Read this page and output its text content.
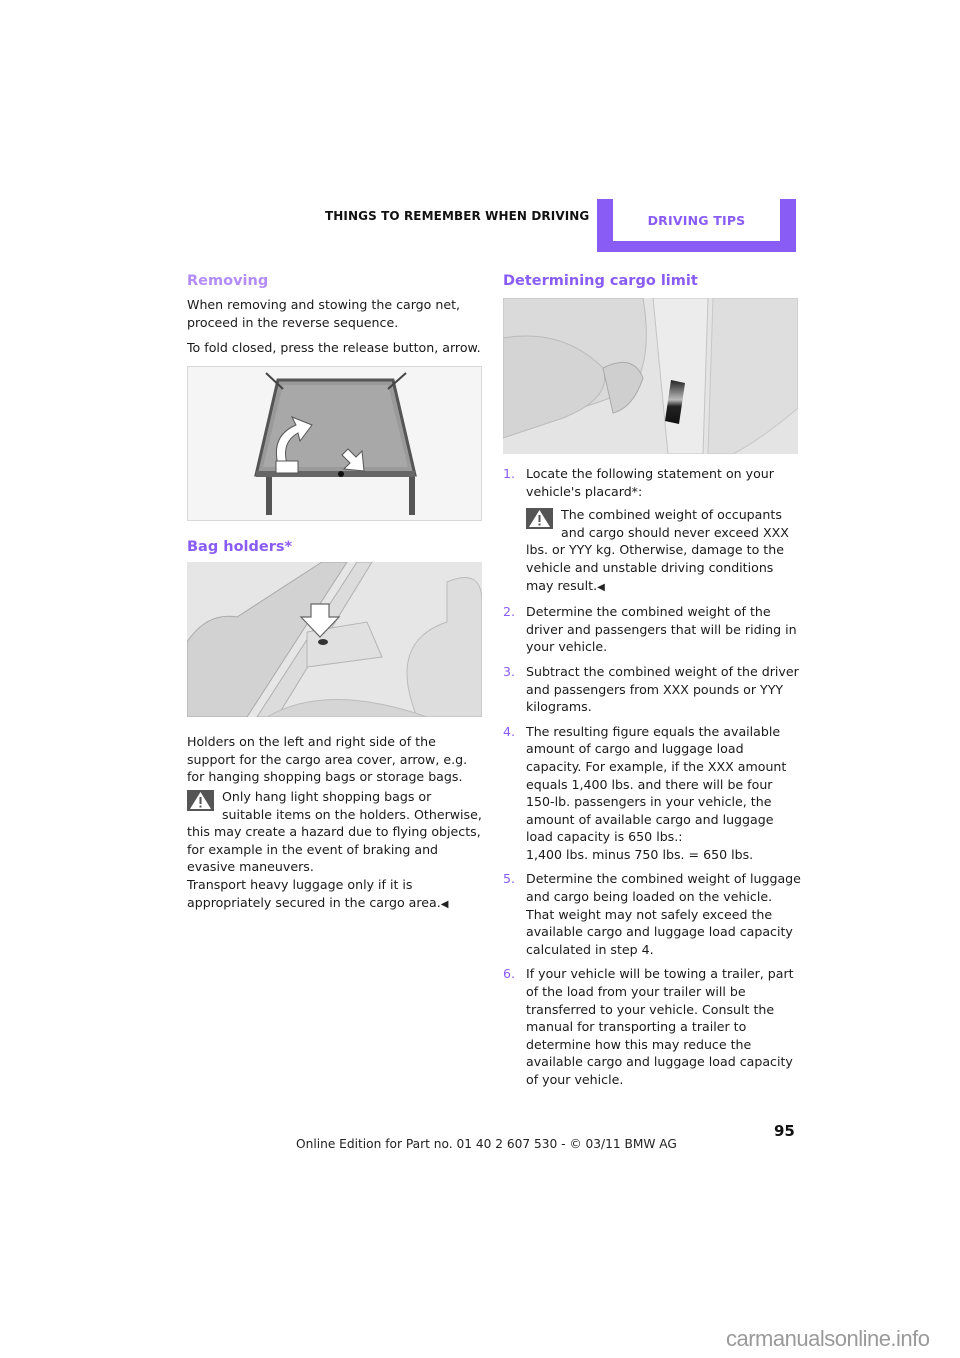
THINGS TO REMEMBER WHEN DRIVING	DRIVING TIPS
Removing

When removing and stowing the cargo net, proceed in the reverse sequence.

To fold closed, press the release button, arrow.

Bag holders*

Holders on the left and right side of the support for the cargo area cover, arrow, e.g. for hanging shopping bags or storage bags.

Only hang light shopping bags or suitable items on the holders. Otherwise, this may create a hazard due to flying objects, for example in the event of braking and evasive maneuvers.
Transport heavy luggage only if it is appropriately secured in the cargo area.◀
Determining cargo limit
1. Locate the following statement on your vehicle's placard*:
The combined weight of occupants and cargo should never exceed XXX lbs. or YYY kg. Otherwise, damage to the vehicle and unstable driving conditions may result.◀
2. Determine the combined weight of the driver and passengers that will be riding in your vehicle.
3. Subtract the combined weight of the driver and passengers from XXX pounds or YYY kilograms.
4. The resulting figure equals the available amount of cargo and luggage load capacity. For example, if the XXX amount equals 1,400 lbs. and there will be four 150-lb. passengers in your vehicle, the amount of available cargo and luggage load capacity is 650 lbs.:
1,400 lbs. minus 750 lbs. = 650 lbs.
5. Determine the combined weight of luggage and cargo being loaded on the vehicle. That weight may not safely exceed the available cargo and luggage load capacity calculated in step 4.
6. If your vehicle will be towing a trailer, part of the load from your trailer will be transferred to your vehicle. Consult the manual for transporting a trailer to determine how this may reduce the available cargo and luggage load capacity of your vehicle.
95
Online Edition for Part no. 01 40 2 607 530 - © 03/11 BMW AG
carmanualsonline.info
